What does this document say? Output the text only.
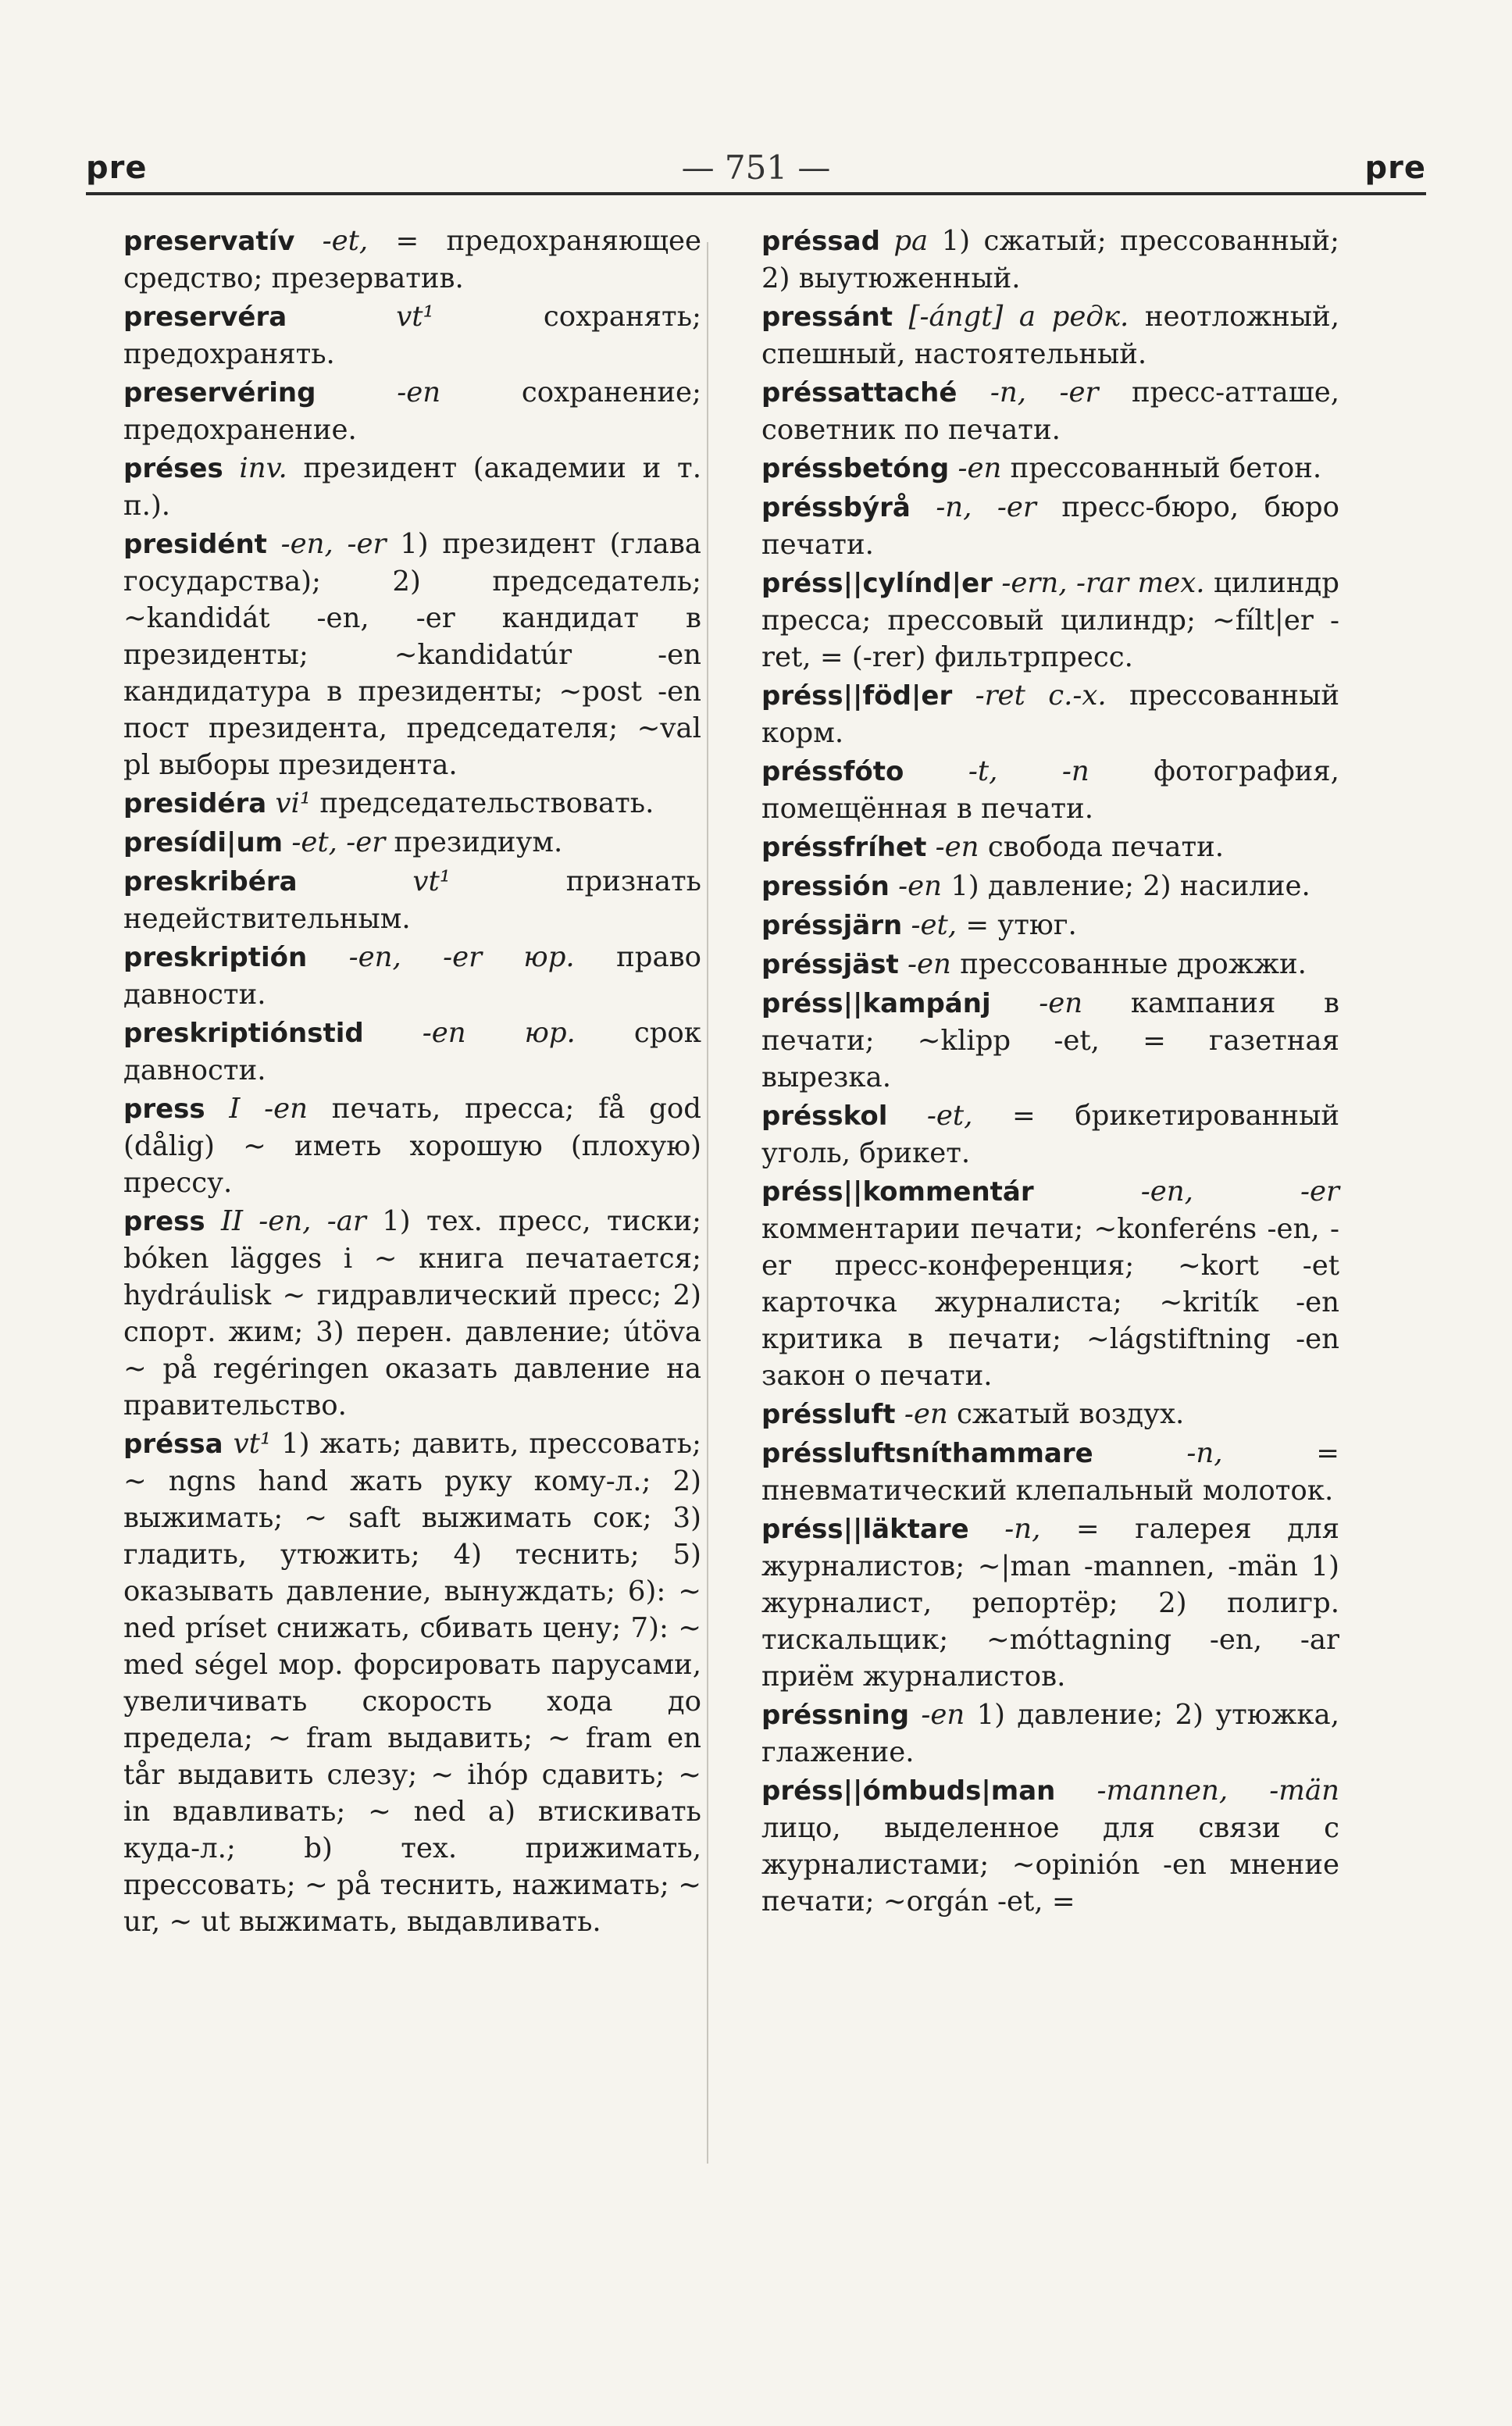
pre	— 751 —	pre

preservatív -et, = предохраняющее средство; презерватив.

preservéra	vt¹	сохранять; предохранять.

preservéring	-en	сохранение; предохранение.

préses inv. президент (академии и т. п.).

presidént -en, -er 1) президент (глава государства); 2) председатель; ~kandidát -en, -er кандидат в президенты; ~kandidatúr -en кандидатура в президенты; ~post -en пост президента, председателя; ~val pl выборы президента.

presidéra vi¹ председательствовать.

presídi|um -et, -er президиум.

preskribéra	vt¹	признать недействительным.

preskriptión -en, -er юр. право давности.

preskriptiónstid -en юр. срок давности.

press I -en печать, пресса; få god (dålig) ~ иметь хорошую (плохую) прессу.

press II -en, -ar 1) тех. пресс, тиски; bóken lägges i ~ книга печатается; hydráulisk ~ гидравлический пресс; 2) спорт. жим; 3) перен. давление; útöva ~ på regéringen оказать давление на правительство.

préssa vt¹ 1) жать; давить, прессовать; ~ ngns hand жать руку кому-л.; 2) выжимать; ~ saft выжимать сок; 3) гладить, утюжить; 4) теснить; 5) оказывать давление, вынуждать; 6): ~ ned príset снижать, сбивать цену; 7): ~ med ségel мор. форсировать парусами, увеличивать скорость хода до предела; ~ fram выдавить; ~ fram en tår выдавить слезу; ~ ihóp сдавить; ~ in вдавливать; ~ ned a) втискивать куда-л.; b) тех. прижимать, прессовать; ~ på теснить, нажимать; ~ ur, ~ ut выжимать, выдавливать.

préssad pa 1) сжатый; прессованный; 2) выутюженный.

pressánt [-ángt] a редк. неотложный, спешный, настоятельный.

préssattaché -n, -er пресс-атташе, советник по печати.

préssbetóng -en прессованный бетон.

préssbýrå -n, -er пресс-бюро, бюро печати.

préss||cylínd|er -ern, -rar тех. цилиндр пресса; прессовый цилиндр; ~fílt|er -ret, = (-rer) фильтрпресс.

préss||föd|er -ret с.-х. прессованный корм.

préssfóto -t, -n фотография, помещённая в печати.

préssfríhet -en свобода печати.

pressión -en 1) давление; 2) насилие.

préssjärn -et, = утюг.

préssjäst -en прессованные дрожжи.

préss||kampánj -en кампания в печати; ~klipp -et, = газетная вырезка.

présskol -et, = брикетированный уголь, брикет.

préss||kommentár	-en, -er комментарии печати; ~konferéns -en, -er пресс-конференция; ~kort -et карточка журналиста; ~kritík -en критика в печати; ~lágstiftning -en закон о печати.

préssluft -en сжатый воздух.

préssluftsníthammare	-n, = пневматический клепальный молоток.

préss||läktare -n, = галерея для журналистов; ~|man -mannen, -män 1) журналист, репортёр; 2) полигр. тискальщик; ~móttagning -en, -ar приём журналистов.

préssning -en 1) давление; 2) утюжка, глажение.

préss||ómbuds|man -mannen, -män лицо, выделенное для связи с журналистами; ~opinión -en мнение печати; ~orgán -et, =
